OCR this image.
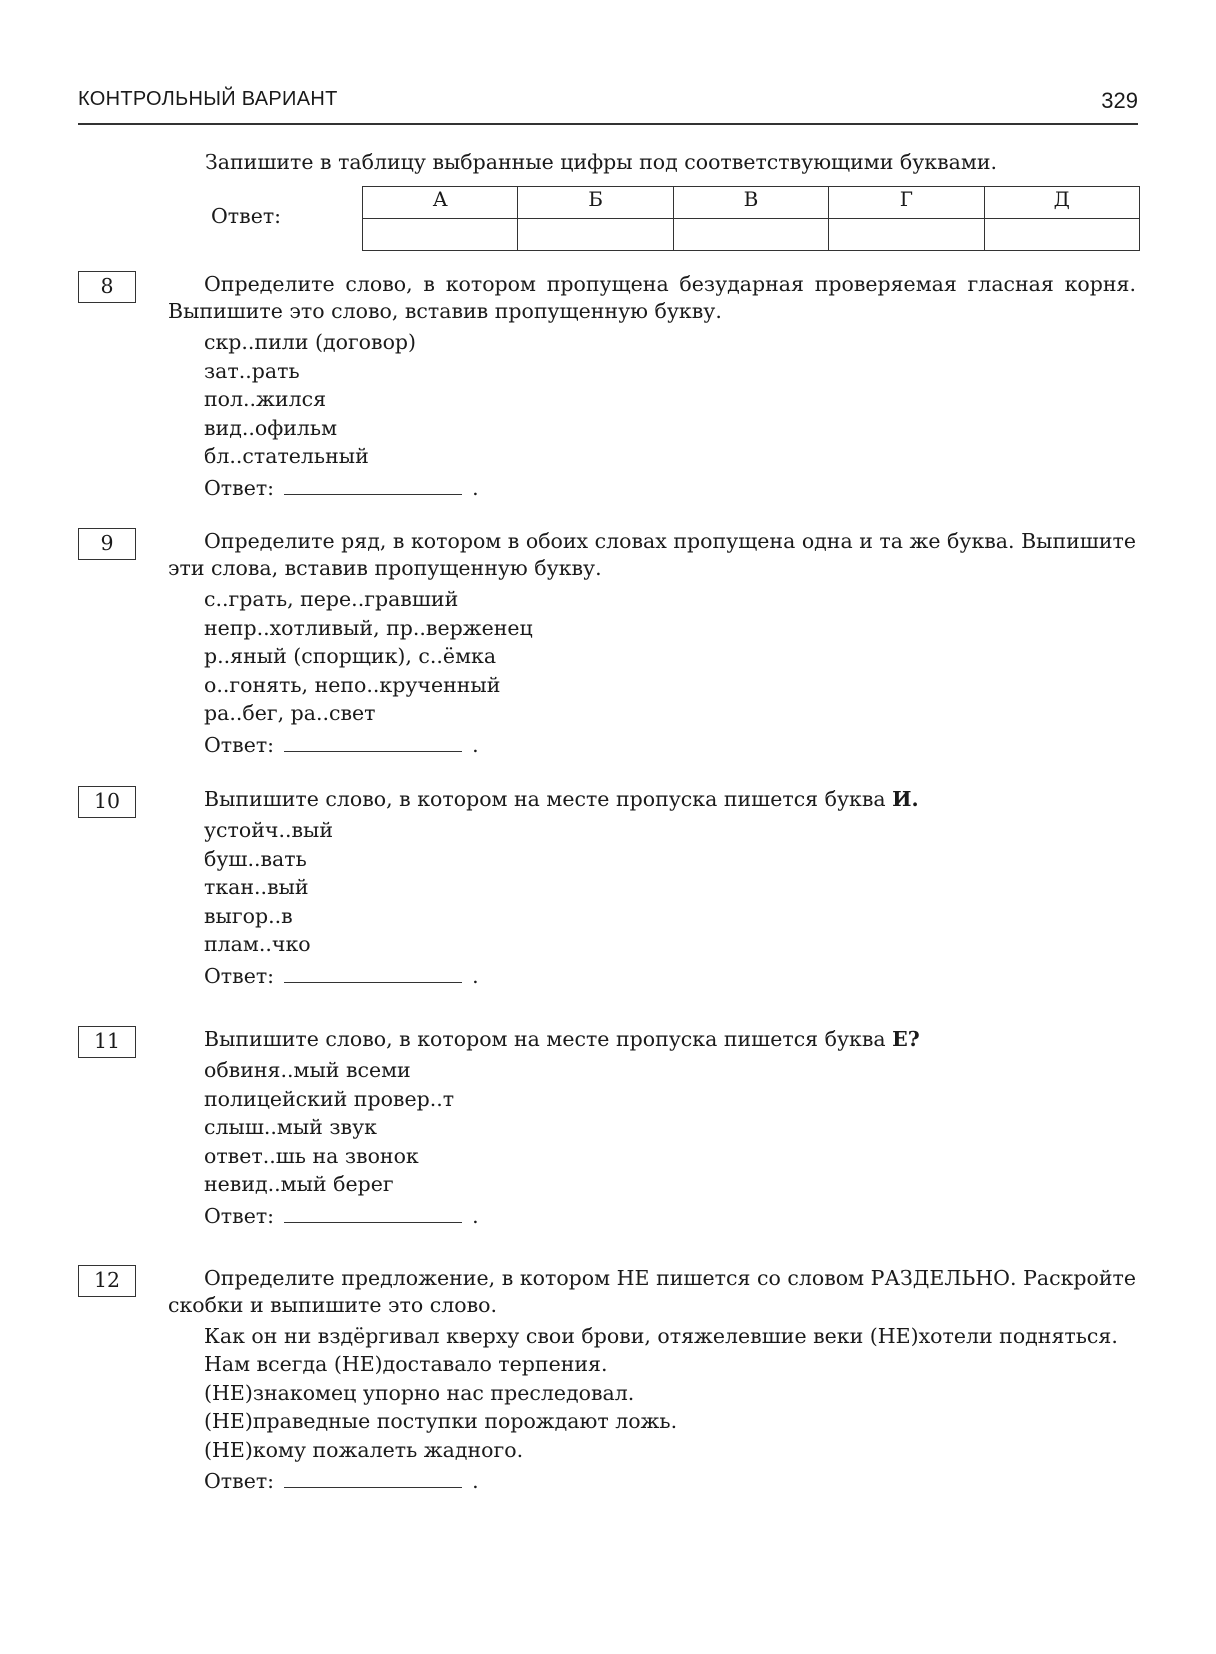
КОНТРОЛЬНЫЙ ВАРИАНТ	329
Запишите в таблицу выбранные цифры под соответствующими буквами.
Ответ:
А	Б	В	Г	Д

8	Определите слово, в котором пропущена безударная проверяемая гласная корня. Выпишите это слово, вставив пропущенную букву.

скр..пили (договор)
зат..рать
пол..жился
вид..офильм
бл..стательный
Ответ:	.
9	Определите ряд, в котором в обоих словах пропущена одна и та же буква. Выпишите эти слова, вставив пропущенную букву.

с..грать, пере..гравший
непр..хотливый, пр..верженец
р..яный (спорщик), с..ёмка
о..гонять, непо..крученный
ра..бег, ра..свет
Ответ:	.
10	Выпишите слово, в котором на месте пропуска пишется буква И.

устойч..вый
буш..вать
ткан..вый
выгор..в
плам..чко
Ответ:	.
11	Выпишите слово, в котором на месте пропуска пишется буква Е?

обвиня..мый всеми
полицейский провер..т
слыш..мый звук
ответ..шь на звонок
невид..мый берег
Ответ:	.
12	Определите предложение, в котором НЕ пишется со словом РАЗДЕЛЬНО. Раскройте скобки и выпишите это слово.

Как он ни вздёргивал кверху свои брови, отяжелевшие веки (НЕ)хотели подняться.

Нам всегда (НЕ)доставало терпения.
(НЕ)знакомец упорно нас преследовал.
(НЕ)праведные поступки порождают ложь.
(НЕ)кому пожалеть жадного.
Ответ:	.
